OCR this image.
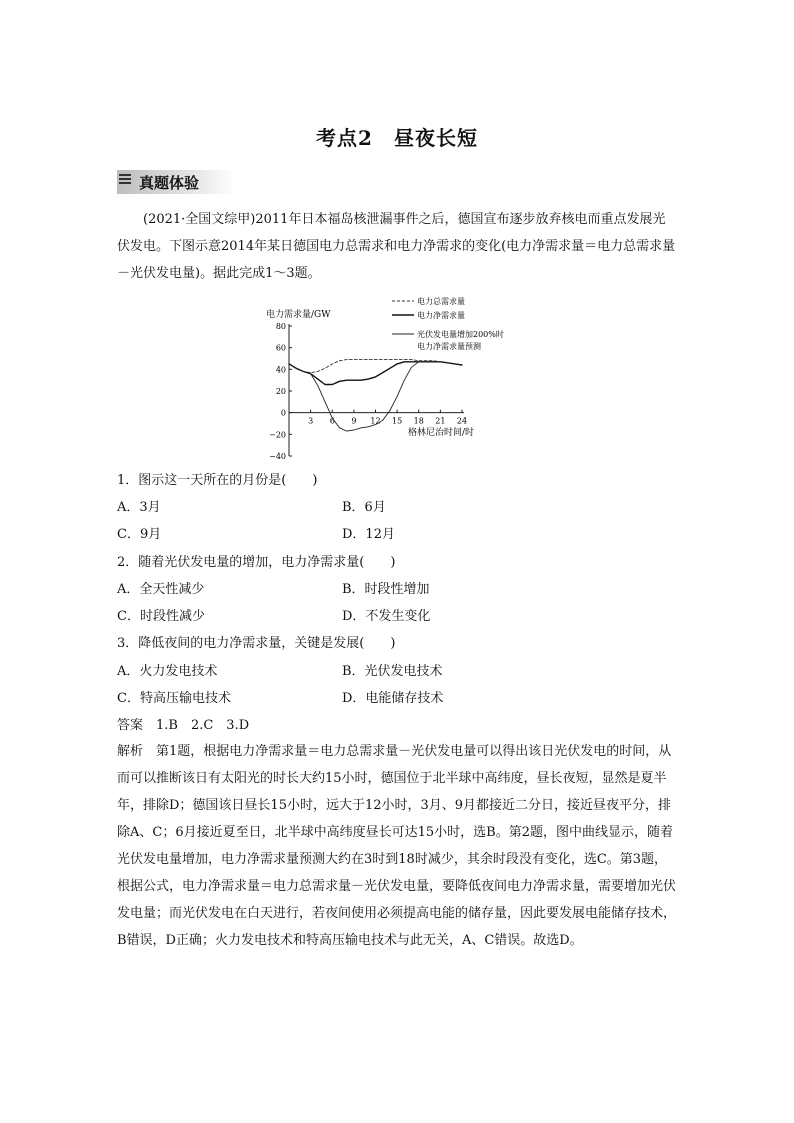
考点2　昼夜长短
真题体验

(2021·全国文综甲)2011年日本福岛核泄漏事件之后，德国宣布逐步放弃核电而重点发展光伏发电。下图示意2014年某日德国电力总需求和电力净需求的变化(电力净需求量＝电力总需求量－光伏发电量)。据此完成1～3题。

电力需求量/GW
格林尼治时间/时
80
60
40
20
0
−20
−40
3 6 9 12 15 18 21 24
电力总需求量
电力净需求量
光伏发电量增加200%时
电力净需求量预测
1．图示这一天所在的月份是(　　)
A．3月	B．6月
C．9月	D．12月
2．随着光伏发电量的增加，电力净需求量(　　)
A．全天性减少	B．时段性增加
C．时段性减少	D．不发生变化
3．降低夜间的电力净需求量，关键是发展(　　)
A．火力发电技术	B．光伏发电技术
C．特高压输电技术	D．电能储存技术
答案　1.B　2.C　3.D

解析　第1题，根据电力净需求量＝电力总需求量－光伏发电量可以得出该日光伏发电的时间，从而可以推断该日有太阳光的时长大约15小时，德国位于北半球中高纬度，昼长夜短，显然是夏半年，排除D；德国该日昼长15小时，远大于12小时，3月、9月都接近二分日，接近昼夜平分，排除A、C；6月接近夏至日，北半球中高纬度昼长可达15小时，选B。第2题，图中曲线显示，随着光伏发电量增加，电力净需求量预测大约在3时到18时减少，其余时段没有变化，选C。第3题，根据公式，电力净需求量＝电力总需求量－光伏发电量，要降低夜间电力净需求量，需要增加光伏发电量；而光伏发电在白天进行，若夜间使用必须提高电能的储存量，因此要发展电能储存技术，B错误，D正确；火力发电技术和特高压输电技术与此无关，A、C错误。故选D。
